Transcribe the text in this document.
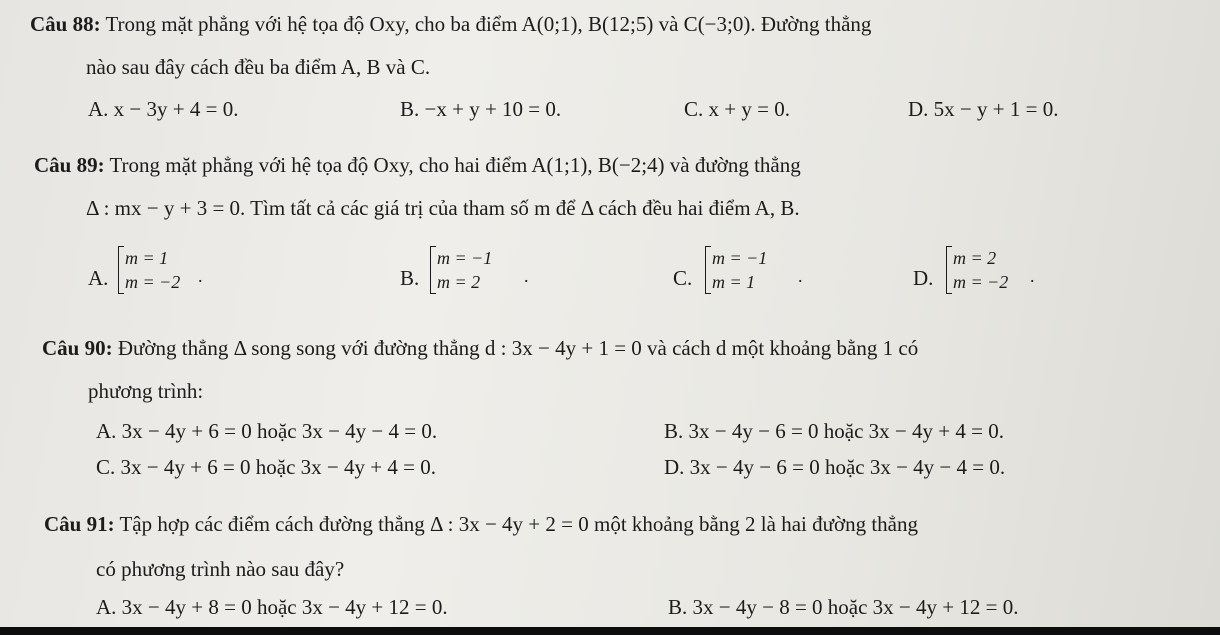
Câu 88: Trong mặt phẳng với hệ tọa độ Oxy, cho ba điểm A(0;1), B(12;5) và C(−3;0). Đường thẳng
nào sau đây cách đều ba điểm A, B và C.
A. x − 3y + 4 = 0.	B. −x + y + 10 = 0.	C. x + y = 0.	D. 5x − y + 1 = 0.
Câu 89: Trong mặt phẳng với hệ tọa độ Oxy, cho hai điểm A(1;1), B(−2;4) và đường thẳng
Δ : mx − y + 3 = 0. Tìm tất cả các giá trị của tham số m để Δ cách đều hai điểm A, B.
A.
m = 1
m = −2 .	B.
m = −1
m = 2	.	C.
m = −1
m = 1	.	D.
m = 2
m = −2 .
Câu 90: Đường thẳng Δ song song với đường thẳng d : 3x − 4y + 1 = 0 và cách d một khoảng bằng 1 có
phương trình:
A. 3x − 4y + 6 = 0 hoặc 3x − 4y − 4 = 0.	B. 3x − 4y − 6 = 0 hoặc 3x − 4y + 4 = 0.
C. 3x − 4y + 6 = 0 hoặc 3x − 4y + 4 = 0.	D. 3x − 4y − 6 = 0 hoặc 3x − 4y − 4 = 0.
Câu 91: Tập hợp các điểm cách đường thẳng Δ : 3x − 4y + 2 = 0 một khoảng bằng 2 là hai đường thẳng
có phương trình nào sau đây?
A. 3x − 4y + 8 = 0 hoặc 3x − 4y + 12 = 0.	B. 3x − 4y − 8 = 0 hoặc 3x − 4y + 12 = 0.
